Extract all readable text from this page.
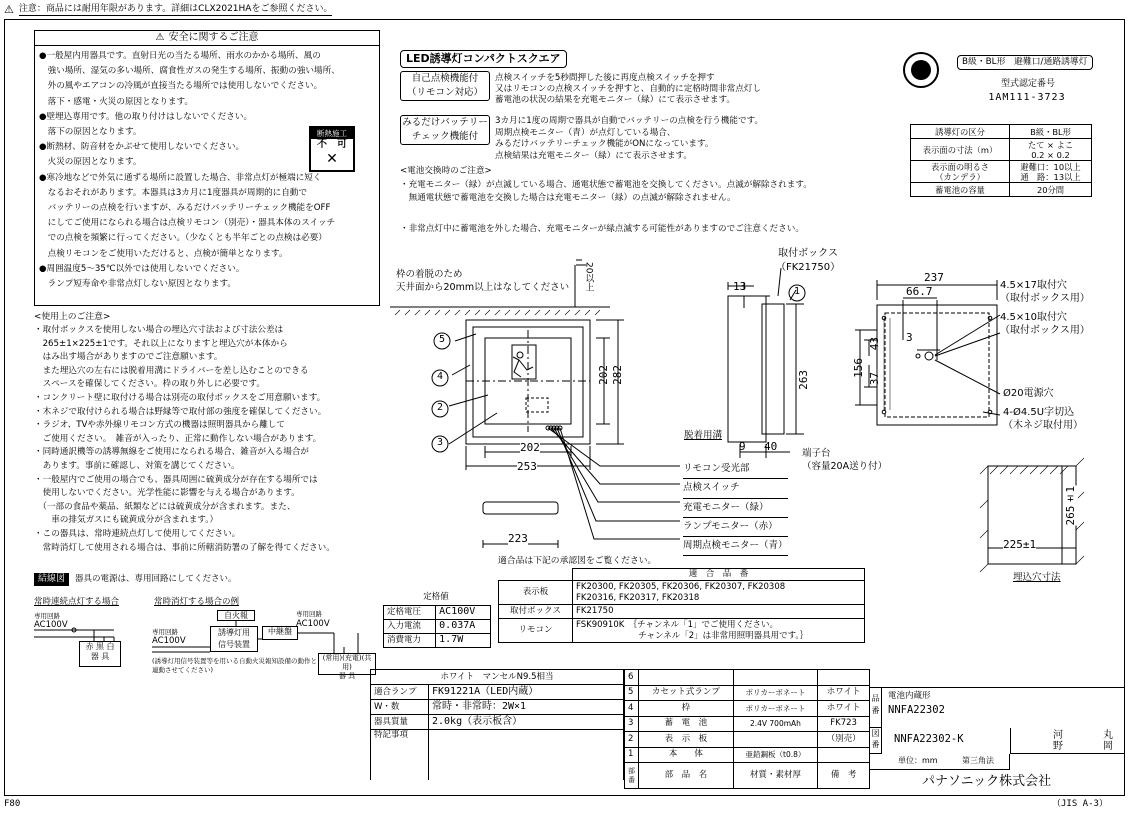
⚠ 注意：商品には耐用年限があります。詳細はCLX2021HAをご参照ください。
⚠ 安全に関するご注意
●一般屋内用器具です。直射日光の当たる場所、雨水のかかる場所、風の
　強い場所、湿気の多い場所、腐食性ガスの発生する場所、振動の強い場所、
　外の風やエアコンの冷風が直接当たる場所では使用しないでください。
　落下・感電・火災の原因となります。
●壁埋込専用です。他の取り付けはしないでください。
　落下の原因となります。
●断熱材、防音材をかぶせて使用しないでください。
　火災の原因となります。
●寒冷地などで外気に通ずる場所に設置した場合、非常点灯が極端に短く
　なるおそれがあります。本器具は3カ月に1度器具が周期的に自動で
　バッテリーの点検を行いますが、みるだけバッテリーチェック機能をOFF
　にしてご使用になられる場合は点検リモコン（別売）・器具本体のスイッチ
　での点検を頻繁に行ってください。（少なくとも半年ごとの点検は必要）
　点検リモコンをご使用いただけると、点検が簡単となります。
●周囲温度5～35℃以外では使用しないでください。
　ランプ短寿命や非常点灯しない原因となります。
断熱施工
不　可
✕
<使用上のご注意>
・取付ボックスを使用しない場合の埋込穴寸法および寸法公差は
　265±1×225±1です。それ以上になりますと埋込穴が本体から
　はみ出す場合がありますのでご注意願います。
　また埋込穴の左右には脱着用溝にドライバーを差し込むことのできる
　スペースを確保してください。枠の取り外しに必要です。
・コンクリート壁に取付ける場合は別売の取付ボックスをご用意願います。
・木ネジで取付けられる場合は野縁等で取付部の強度を確保してください。
・ラジオ、TVや赤外線リモコン方式の機器は照明器具から離して
　ご使用ください。　雑音が入ったり、正常に動作しない場合があります。
・同時通訳機等の誘導無線をご使用になられる場合、雑音が入る場合が
　あります。事前に確認し、対策を講じてください。
・一般屋内でご使用の場合でも、器具周囲に硫黄成分が存在する場所では
　使用しないでください。光学性能に影響を与える場合があります。
　（一部の食品や薬品、紙類などには硫黄成分が含まれます。また、
　　車の排気ガスにも硫黄成分が含まれます。）
・この器具は、常時連続点灯して使用してください。
　常時消灯して使用される場合は、事前に所轄消防署の了解を得てください。
結線図	器具の電源は、専用回路にしてください。
常時連続点灯する場合	常時消灯する場合の例
専用回路
AC100V
赤 黒 白
器 具
専用回路
AC100V
自火報
誘導灯用
信号装置
中継盤
専用回路
AC100V
(常用)(充電)(共用)
器 具
(誘導灯用信号装置等を用いる自動火災報知設備の動作と連動させてください)
LED誘導灯コンパクトスクエア
自己点検機能付
（リモコン対応）
点検スイッチを5秒間押した後に再度点検スイッチを押す
又はリモコンの点検スイッチを押すと、自動的に定格時間非常点灯し
蓄電池の状況の結果を充電モニター（緑）にて表示させます。
みるだけバッテリー
チェック機能付
3カ月に1度の周期で器具が自動でバッテリーの点検を行う機能です。
周期点検モニター（青）が点灯している場合、
みるだけバッテリーチェック機能がONになっています。
点検結果は充電モニター（緑）にて表示させます。
<電池交換時のご注意>
・充電モニター（緑）が点滅している場合、通電状態で蓄電池を交換してください。点滅が解除されます。
　無通電状態で蓄電池を交換した場合は充電モニター（緑）の点滅が解除されません。
・非常点灯中に蓄電池を外した場合、充電モニターが緑点滅する可能性がありますのでご注意ください。
B級・BL形　避難口/通路誘導灯
型式認定番号
1AM111-3723
誘導灯の区分	B級・BL形
表示面の寸法（m）	たて × よこ
0.2 × 0.2
表示面の明るさ
（カンデラ）	避難口：10以上
通　路：13以上
蓄電池の容量	20分間
枠の着脱のため
天井面から20mm以上はなしてください 20以上
取付ボックス
（FK21750）
202
253
202 282
13
263
脱着用溝
9 40
端子台
（容量20A送り付）
223
237
66.7
3
156
43
37
4.5×17取付穴
（取付ボックス用）
4.5×10取付穴
（取付ボックス用）
Ø20電源穴
4-Ø4.5U字切込
（木ネジ取付用）
265±1
225±1
埋込穴寸法
リモコン受光部
点検スイッチ
充電モニター（緑）
ランプモニター（赤）
周期点検モニター（青）
5
4
2
3
1
定格値
定格電圧	AC100V
入力電流	0.037A
消費電力	1.7W
適合品は下記の承認図をご覧ください。
	適　合　品　番
表示板	FK20300, FK20305, FK20306, FK20307, FK20308
FK20316, FK20317, FK20318
取付ボックス	FK21750
リモコン	FSK90910K　｛チャンネル「1」でご使用ください。
　　　　　　　 チャンネル「2」は非常用照明器具用です。｝
ホワイト　マンセルN9.5相当	
適合ランプ	FK91221A（LED内蔵）
W・数	常時・非常時：2W×1
器具質量	2.0kg（表示板含）
特記事項	
6			
5	カセット式ランプ	ポリカーボネート	ホワイト
4	枠	ポリカーボネート	ホワイト
3	蓄　電　池	2.4V 700mAh	FK723
2	表　示　板		（別売）
1	本　　体	亜鉛鋼板（t0.8）	
部番	部　品　名	材質・素材厚	備　考
品番
電池内蔵形
NNFA22302
図番 NNFA22302-K	河	丸
野	岡
単位：mm	第三角法
パナソニック株式会社
F80	（JIS A-3）
